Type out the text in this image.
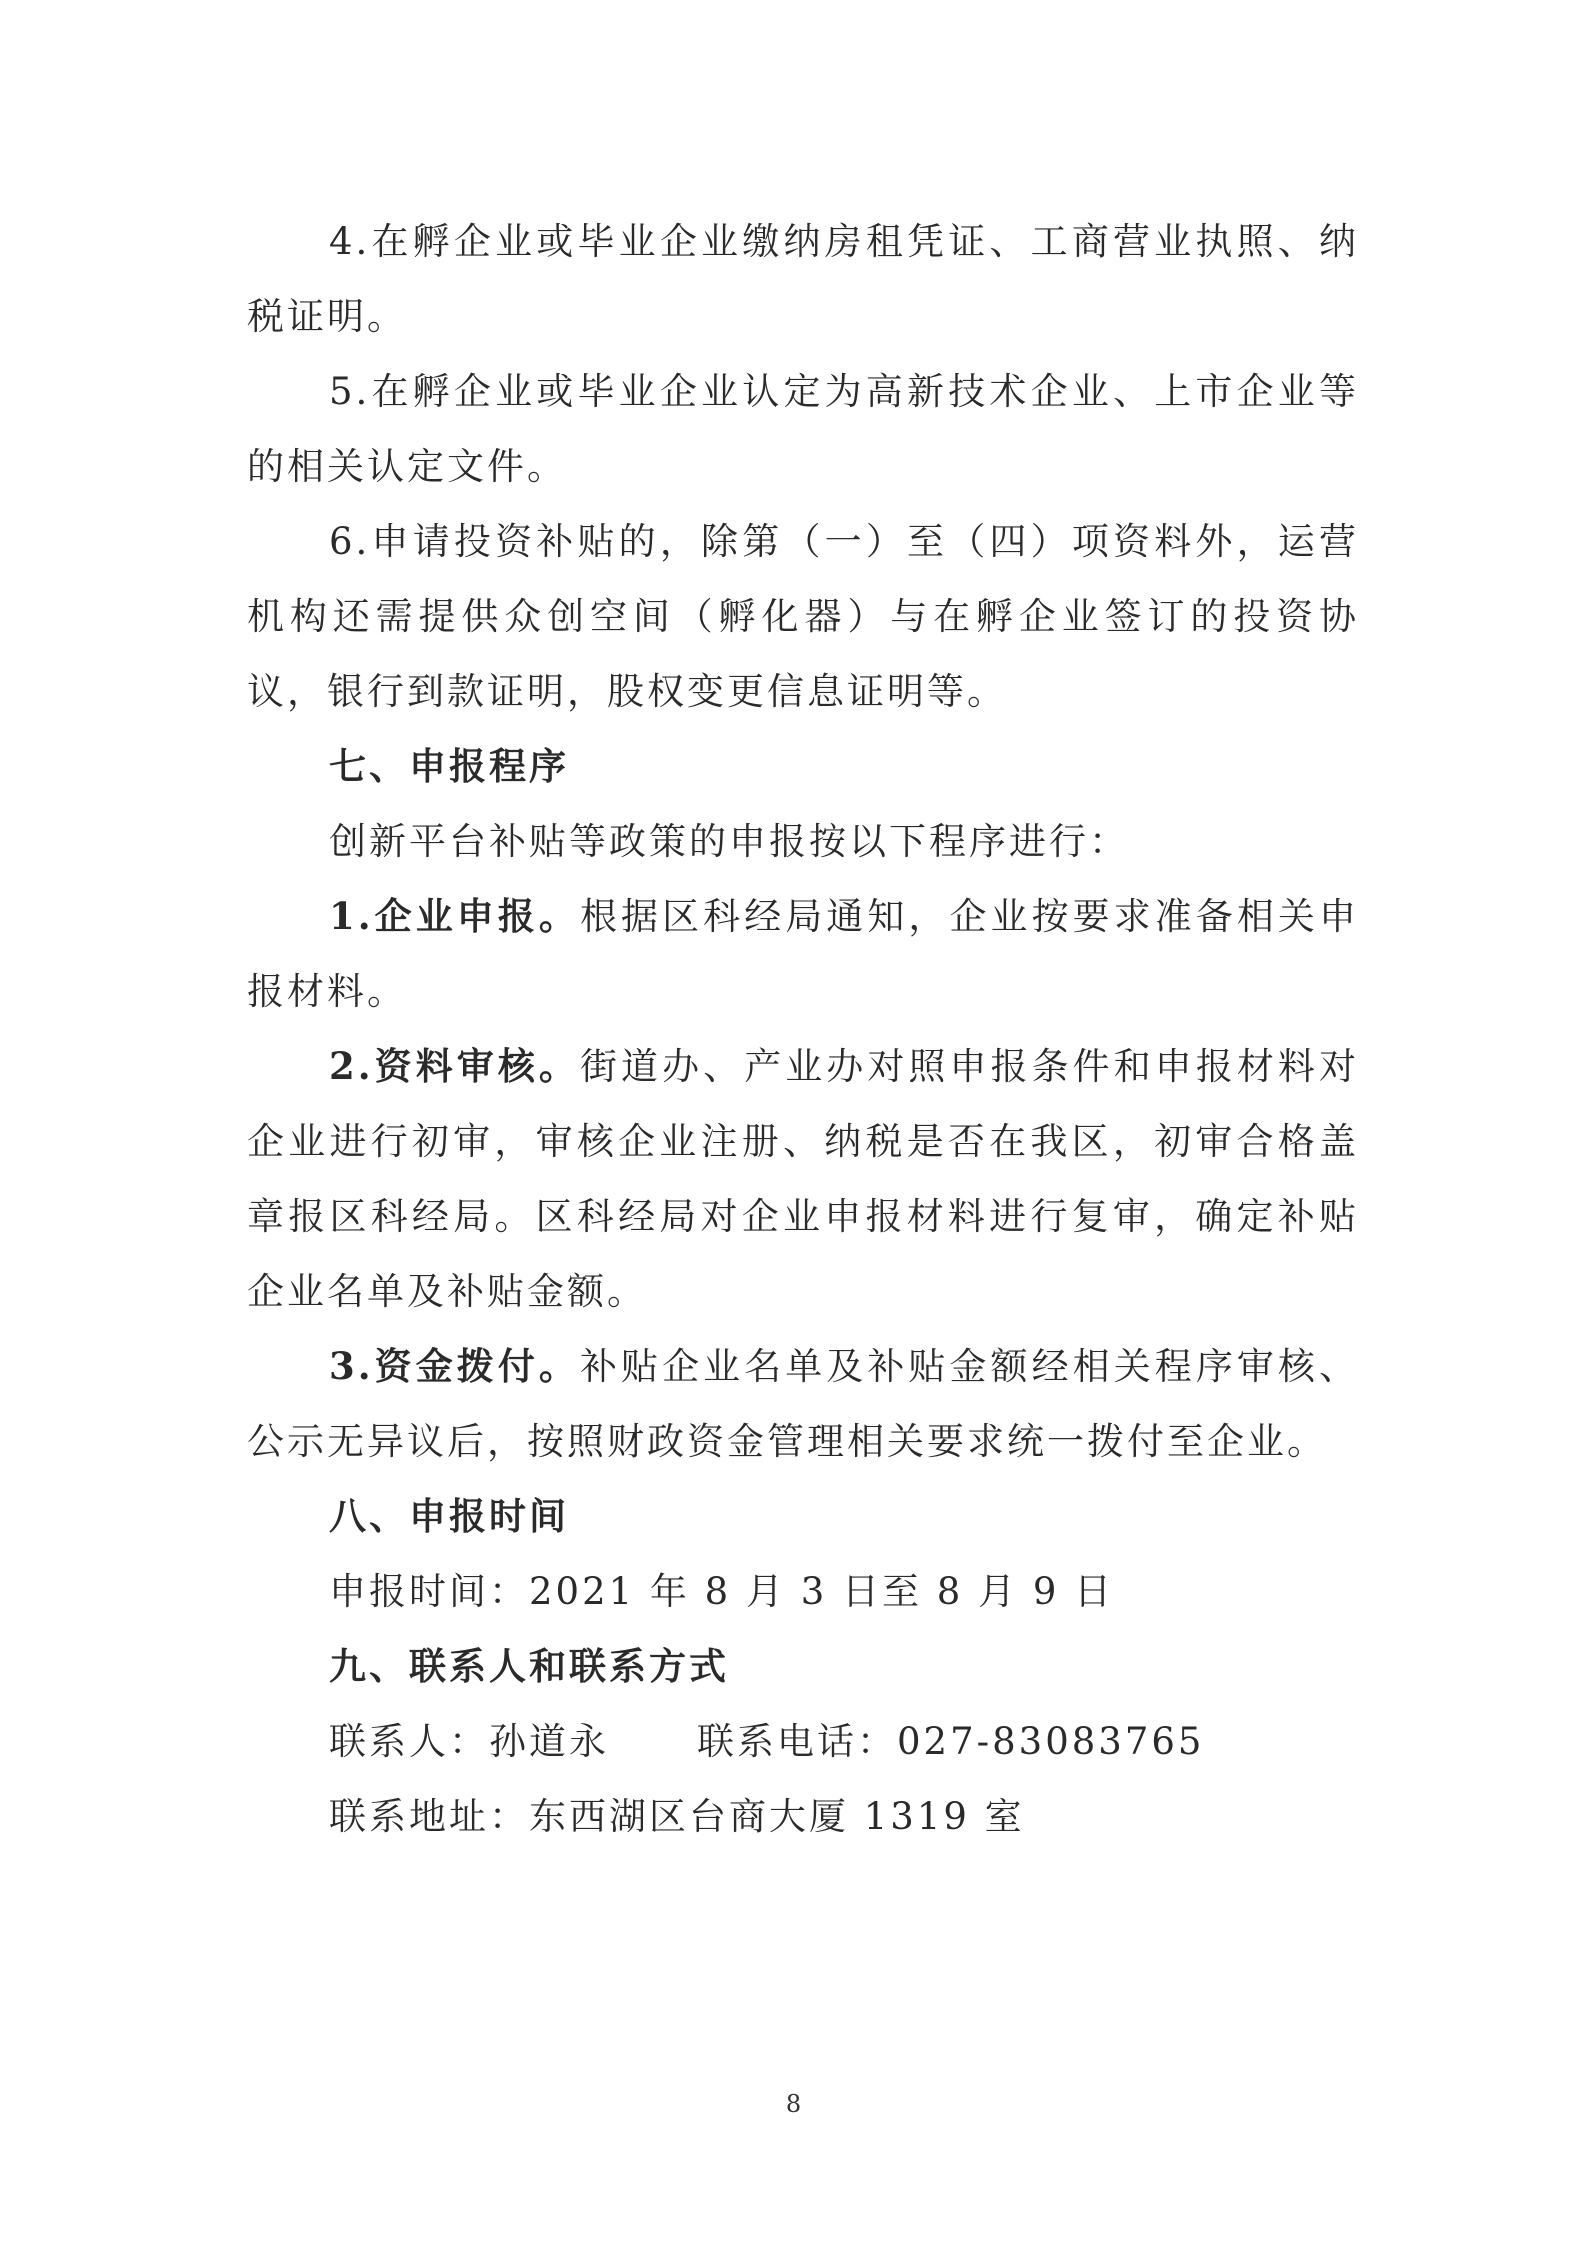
4.在孵企业或毕业企业缴纳房租凭证、工商营业执照、纳税证明。

5.在孵企业或毕业企业认定为高新技术企业、上市企业等的相关认定文件。

6.申请投资补贴的，除第（一）至（四）项资料外，运营机构还需提供众创空间（孵化器）与在孵企业签订的投资协议，银行到款证明，股权变更信息证明等。

七、申报程序

创新平台补贴等政策的申报按以下程序进行：

1.企业申报。根据区科经局通知，企业按要求准备相关申报材料。

2.资料审核。街道办、产业办对照申报条件和申报材料对企业进行初审，审核企业注册、纳税是否在我区，初审合格盖章报区科经局。区科经局对企业申报材料进行复审，确定补贴企业名单及补贴金额。

3.资金拨付。补贴企业名单及补贴金额经相关程序审核、公示无异议后，按照财政资金管理相关要求统一拨付至企业。

八、申报时间

申报时间：2021 年 8 月 3 日至 8 月 9 日

九、联系人和联系方式

联系人：孙道永 联系电话：027-83083765

联系地址：东西湖区台商大厦 1319 室

8
